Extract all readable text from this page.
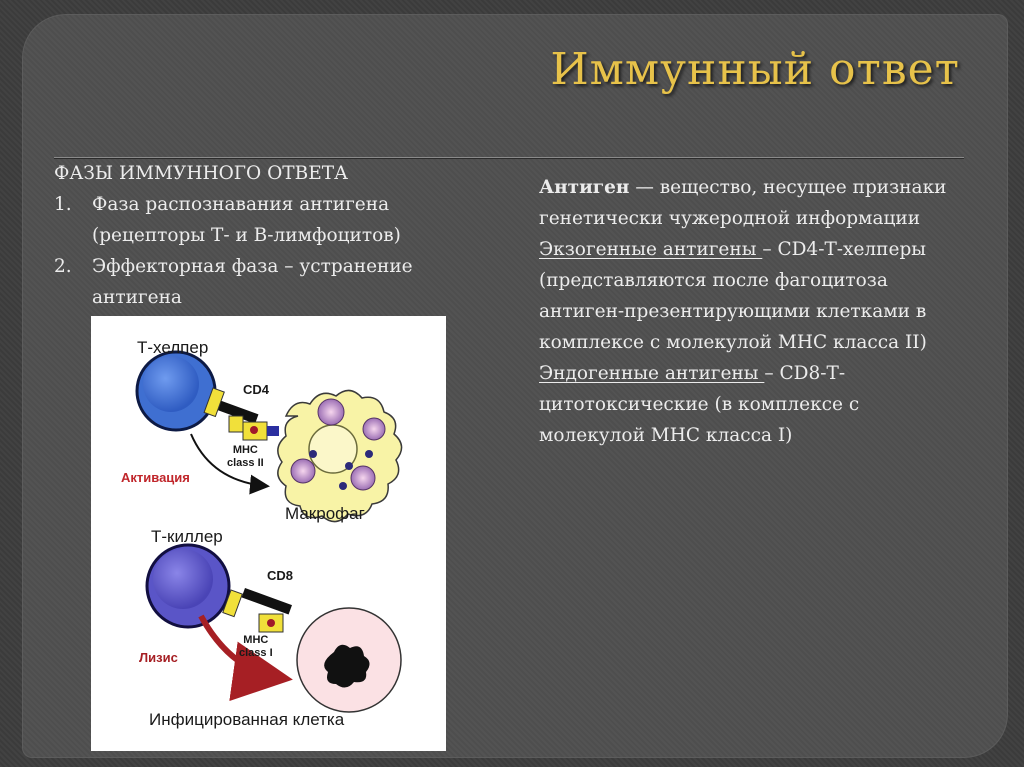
Иммунный ответ
ФАЗЫ ИММУННОГО ОТВЕТА
1.	Фаза распознавания антигена (рецепторы Т- и В-лимфоцитов)
2.	Эффекторная фаза – устранение антигена
Антиген — вещество, несущее признаки генетически чужеродной информации
Экзогенные антигены – CD4-Т-хелперы (представляются после фагоцитоза антиген-презентирующими клетками в комплексе с молекулой МНС класса II)
Эндогенные антигены – CD8-Т-цитотоксические (в комплексе с молекулой МНС класса I)
Т-хелпер
CD4
MHC
class II
Активация
Макрофаг
Т-киллер
CD8
MHC
class I
Лизис
Инфицированная клетка
